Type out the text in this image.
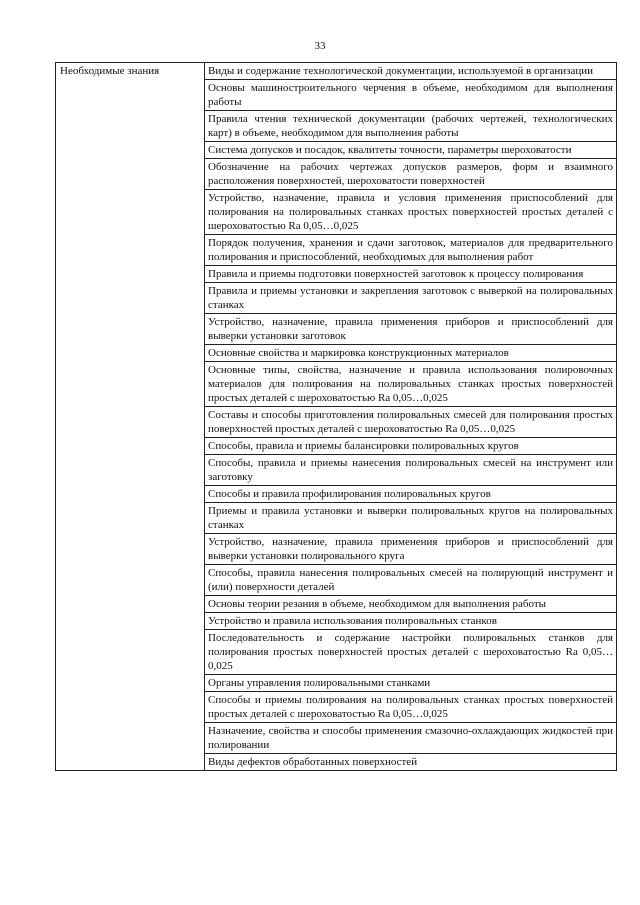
33
Необходимые знания	Виды и содержание технологической документации, используемой в организации
Основы машиностроительного черчения в объеме, необходимом для выполнения работы
Правила чтения технической документации (рабочих чертежей, технологических карт) в объеме, необходимом для выполнения работы
Система допусков и посадок, квалитеты точности, параметры шероховатости
Обозначение на рабочих чертежах допусков размеров, форм и взаимного расположения поверхностей, шероховатости поверхностей
Устройство, назначение, правила и условия применения приспособлений для полирования на полировальных станках простых поверхностей простых деталей с шероховатостью Ra 0,05…0,025
Порядок получения, хранения и сдачи заготовок, материалов для предварительного полирования и приспособлений, необходимых для выполнения работ
Правила и приемы подготовки поверхностей заготовок к процессу полирования
Правила и приемы установки и закрепления заготовок с выверкой на полировальных станках
Устройство, назначение, правила применения приборов и приспособлений для выверки установки заготовок
Основные свойства и маркировка конструкционных материалов
Основные типы, свойства, назначение и правила использования полировочных материалов для полирования на полировальных станках простых поверхностей простых деталей с шероховатостью Ra 0,05…0,025
Составы и способы приготовления полировальных смесей для полирования простых поверхностей простых деталей с шероховатостью Ra 0,05…0,025
Способы, правила и приемы балансировки полировальных кругов
Способы, правила и приемы нанесения полировальных смесей на инструмент или заготовку
Способы и правила профилирования полировальных кругов
Приемы и правила установки и выверки полировальных кругов на полировальных станках
Устройство, назначение, правила применения приборов и приспособлений для выверки установки полировального круга
Способы, правила нанесения полировальных смесей на полирующий инструмент и (или) поверхности деталей
Основы теории резания в объеме, необходимом для выполнения работы
Устройство и правила использования полировальных станков
Последовательность и содержание настройки полировальных станков для полирования простых поверхностей простых деталей с шероховатостью Ra 0,05…0,025
Органы управления полировальными станками
Способы и приемы полирования на полировальных станках простых поверхностей простых деталей с шероховатостью Ra 0,05…0,025
Назначение, свойства и способы применения смазочно-охлаждающих жидкостей при полировании
Виды дефектов обработанных поверхностей
